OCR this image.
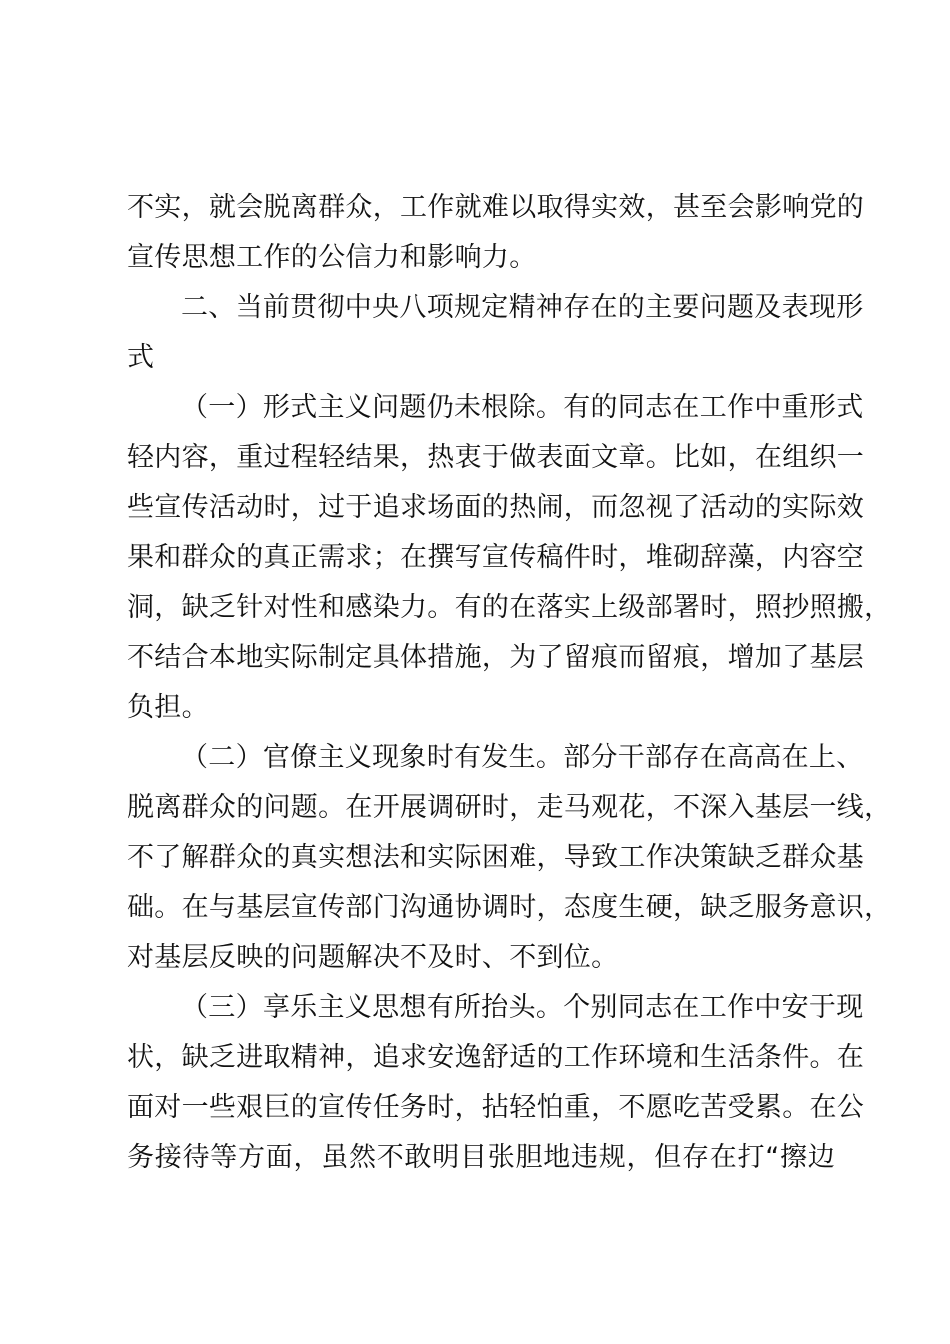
不实，就会脱离群众，工作就难以取得实效，甚至会影响党的
宣传思想工作的公信力和影响力。

二、当前贯彻中央八项规定精神存在的主要问题及表现形
式

（一）形式主义问题仍未根除。有的同志在工作中重形式
轻内容，重过程轻结果，热衷于做表面文章。比如，在组织一
些宣传活动时，过于追求场面的热闹，而忽视了活动的实际效
果和群众的真正需求；在撰写宣传稿件时，堆砌辞藻，内容空
洞，缺乏针对性和感染力。有的在落实上级部署时，照抄照搬，
不结合本地实际制定具体措施，为了留痕而留痕，增加了基层
负担。

（二）官僚主义现象时有发生。部分干部存在高高在上、
脱离群众的问题。在开展调研时，走马观花，不深入基层一线，
不了解群众的真实想法和实际困难，导致工作决策缺乏群众基
础。在与基层宣传部门沟通协调时，态度生硬，缺乏服务意识，
对基层反映的问题解决不及时、不到位。

（三）享乐主义思想有所抬头。个别同志在工作中安于现
状，缺乏进取精神，追求安逸舒适的工作环境和生活条件。在
面对一些艰巨的宣传任务时，拈轻怕重，不愿吃苦受累。在公
务接待等方面，虽然不敢明目张胆地违规，但存在打“擦边
